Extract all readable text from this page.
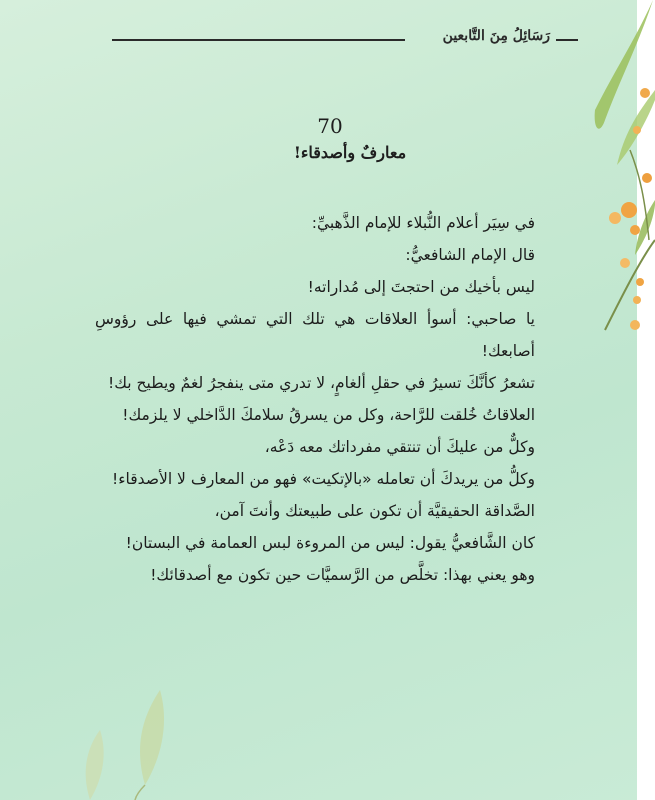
رَسَائِلُ مِنَ التَّابعين
70
معارفٌ وأصدقاء!

في سِيَر أعلام النُّبلاء للإمام الذَّهبيِّ:

قال الإمام الشافعيُّ:

ليس بأخيك من احتجتَ إلى مُداراته!

يا صاحبي: أسوأ العلاقات هي تلك التي تمشي فيها على رؤوسِ أصابعك!

تشعرُ كأنَّكَ تسيرُ في حقلِ ألغامٍ، لا تدري متى ينفجرُ لغمٌ ويطيح بك!

العلاقاتُ خُلقت للرَّاحة، وكل من يسرقُ سلامكَ الدَّاخلي لا يلزمك!

وكلٌّ من عليكَ أن تنتقي مفرداتك معه دَعْه،

وكلُّ من يريدكَ أن تعامله «بالإتكيت» فهو من المعارف لا الأصدقاء!

الصَّداقة الحقيقيَّة أن تكون على طبيعتك وأنتَ آمن،

كان الشَّافعيُّ يقول: ليس من المروءة لبس العمامة في البستان!

وهو يعني بهذا: تخلَّص من الرَّسميَّات حين تكون مع أصدقائك!
